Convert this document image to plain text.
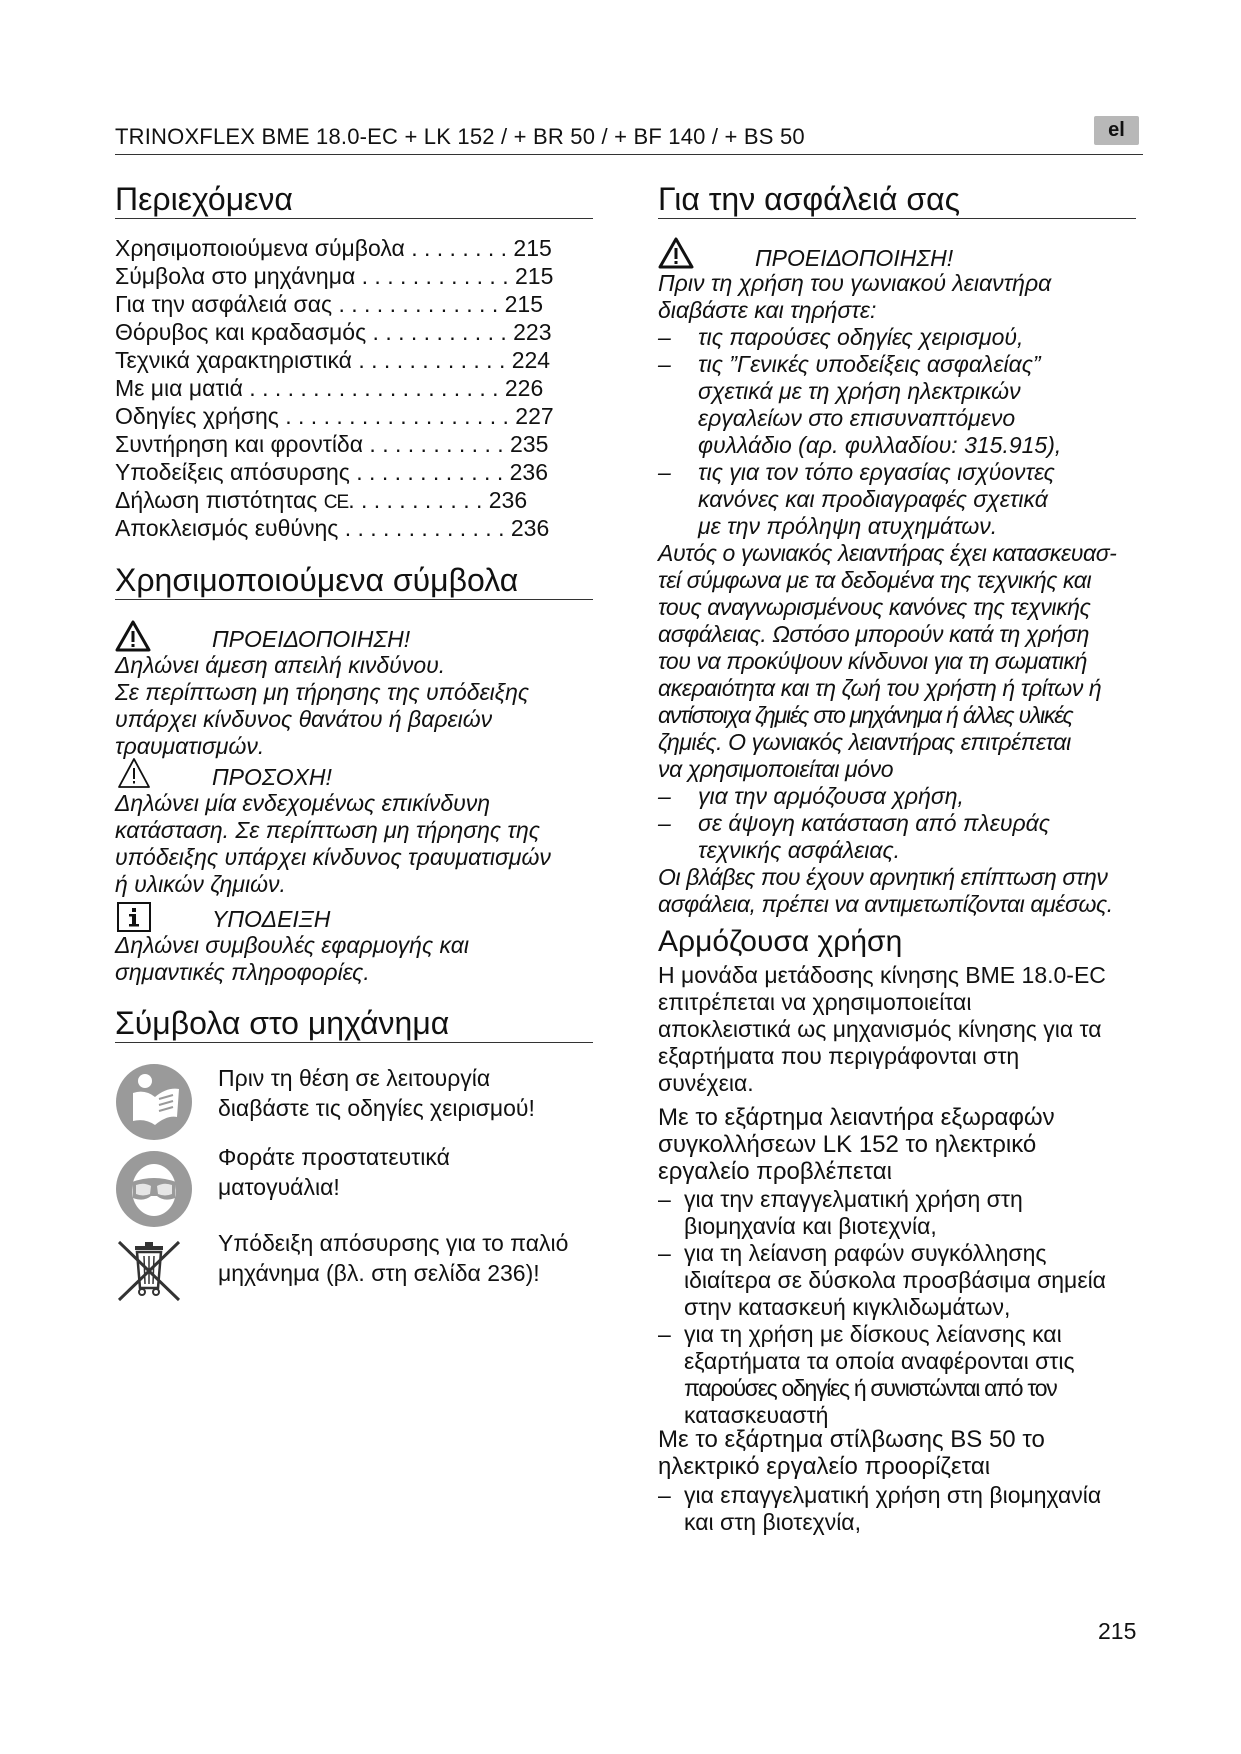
TRINOXFLEX BME 18.0-EC + LK 152 / + BR 50 / + BF 140 / + BS 50	el
Περιεχόμενα
Χρησιμοποιούμενα σύμβολα . . . . . . . . 215
Σύμβολα στο μηχάνημα . . . . . . . . . . . . 215
Για την ασφάλειά σας . . . . . . . . . . . . . 215
Θόρυβος και κραδασμός . . . . . . . . . . . 223
Τεχνικά χαρακτηριστικά . . . . . . . . . . . . 224
Με μια ματιά . . . . . . . . . . . . . . . . . . . . 226
Οδηγίες χρήσης . . . . . . . . . . . . . . . . . . 227
Συντήρηση και φροντίδα . . . . . . . . . . . 235
Υποδείξεις απόσυρσης . . . . . . . . . . . . 236
Δήλωση πιστότητας CE. . . . . . . . . . . 236
Αποκλεισμός ευθύνης . . . . . . . . . . . . . 236
Χρησιμοποιούμενα σύμβολα
ΠΡΟΕΙΔΟΠΟΙΗΣΗ!
Δηλώνει άμεση απειλή κινδύνου.
Σε περίπτωση μη τήρησης της υπόδειξης
υπάρχει κίνδυνος θανάτου ή βαρειών
τραυματισμών.
ΠΡΟΣΟΧΗ!
Δηλώνει μία ενδεχομένως επικίνδυνη
κατάσταση. Σε περίπτωση μη τήρησης της
υπόδειξης υπάρχει κίνδυνος τραυματισμών
ή υλικών ζημιών.
ΥΠΟΔΕΙΞΗ
Δηλώνει συμβουλές εφαρμογής και
σημαντικές πληροφορίες.
Σύμβολα στο μηχάνημα
Πριν τη θέση σε λειτουργία
διαβάστε τις οδηγίες χειρισμού!
Φοράτε προστατευτικά
ματογυάλια!
Υπόδειξη απόσυρσης για το παλιό
μηχάνημα (βλ. στη σελίδα 236)!
Για την ασφάλειά σας
ΠΡΟΕΙΔΟΠΟΙΗΣΗ!
Πριν τη χρήση του γωνιακού λειαντήρα
διαβάστε και τηρήστε:
– τις παρούσες οδηγίες χειρισμού,
– τις ”Γενικές υποδείξεις ασφαλείας”
σχετικά με τη χρήση ηλεκτρικών
εργαλείων στο επισυναπτόμενο
φυλλάδιο (αρ. φυλλαδίου: 315.915),
– τις για τον τόπο εργασίας ισχύοντες
κανόνες και προδιαγραφές σχετικά
με την πρόληψη ατυχημάτων.
Αυτός ο γωνιακός λειαντήρας έχει κατασκευασ-
τεί σύμφωνα με τα δεδομένα της τεχνικής και
τους αναγνωρισμένους κανόνες της τεχνικής
ασφάλειας. Ωστόσο μπορούν κατά τη χρήση
του να προκύψουν κίνδυνοι για τη σωματική
ακεραιότητα και τη ζωή του χρήστη ή τρίτων ή
αντίστοιχα ζημιές στο μηχάνημα ή άλλες υλικές
ζημιές. Ο γωνιακός λειαντήρας επιτρέπεται
να χρησιμοποιείται μόνο
– για την αρμόζουσα χρήση,
– σε άψογη κατάσταση από πλευράς
τεχνικής ασφάλειας.
Οι βλάβες που έχουν αρνητική επίπτωση στην
ασφάλεια, πρέπει να αντιμετωπίζονται αμέσως.
Αρμόζουσα χρήση
Η μονάδα μετάδοσης κίνησης BME 18.0-EC
επιτρέπεται να χρησιμοποιείται
αποκλειστικά ως μηχανισμός κίνησης για τα
εξαρτήματα που περιγράφονται στη
συνέχεια.
Με το εξάρτημα λειαντήρα εξωραφών
συγκολλήσεων LK 152 το ηλεκτρικό
εργαλείο προβλέπεται
– για την επαγγελματική χρήση στη
βιομηχανία και βιοτεχνία,
– για τη λείανση ραφών συγκόλλησης
ιδιαίτερα σε δύσκολα προσβάσιμα σημεία
στην κατασκευή κιγκλιδωμάτων,
– για τη χρήση με δίσκους λείανσης και
εξαρτήματα τα οποία αναφέρονται στις
παρούσες οδηγίες ή συνιστώνται από τον
κατασκευαστή
Με το εξάρτημα στίλβωσης BS 50 το
ηλεκτρικό εργαλείο προορίζεται
– για επαγγελματική χρήση στη βιομηχανία
και στη βιοτεχνία,
215
